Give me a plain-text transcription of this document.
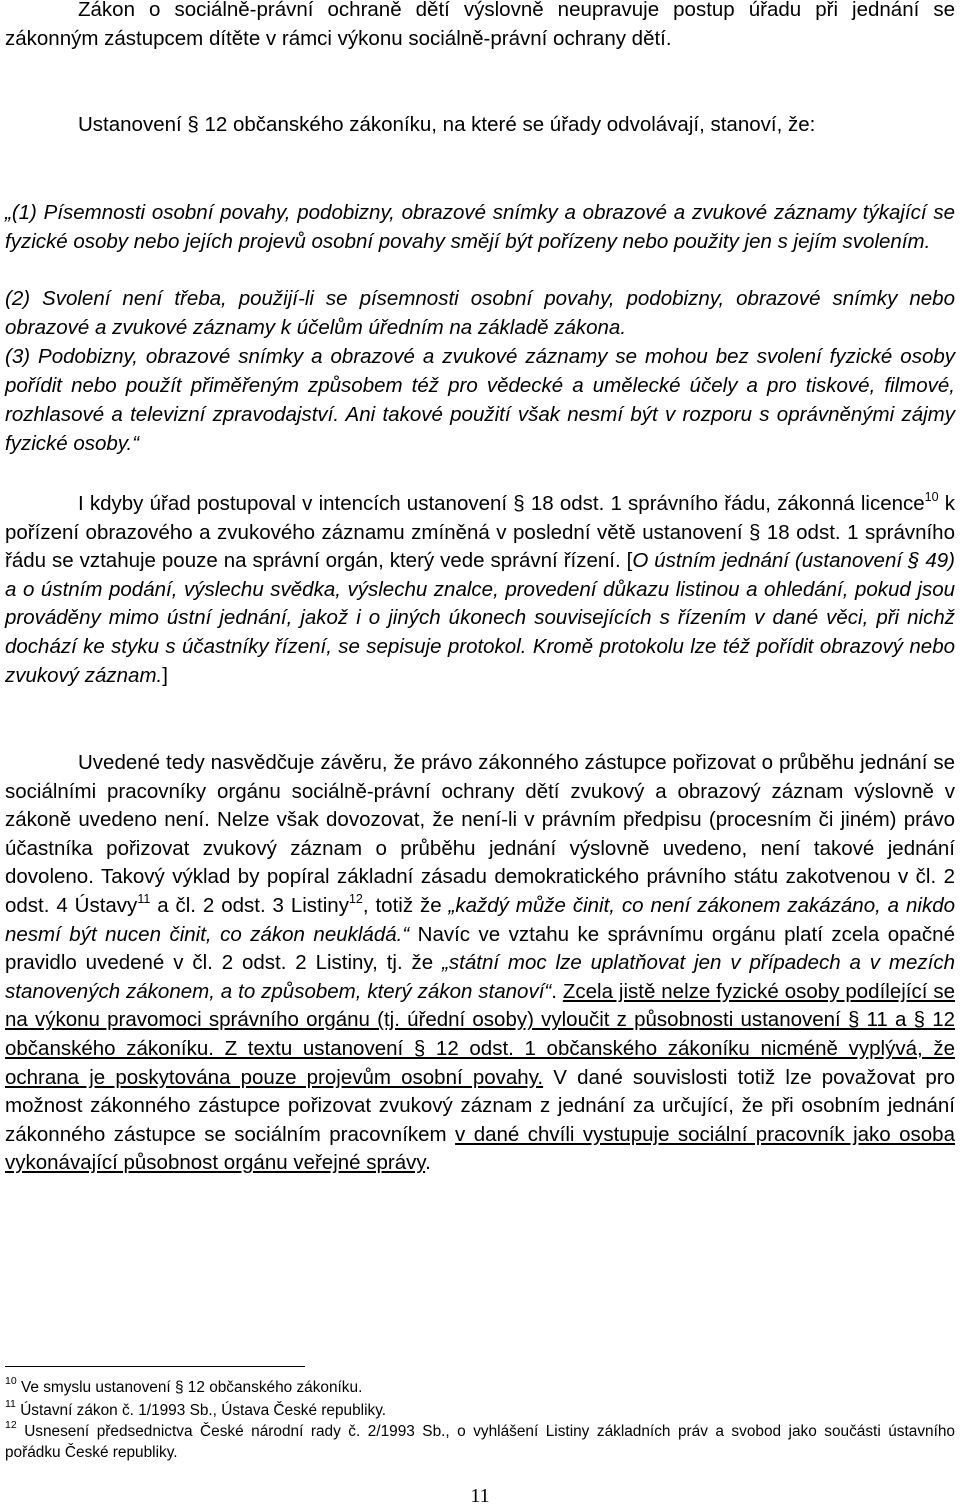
Zákon o sociálně-právní ochraně dětí výslovně neupravuje postup úřadu při jednání se zákonným zástupcem dítěte v rámci výkonu sociálně-právní ochrany dětí.

Ustanovení § 12 občanského zákoníku, na které se úřady odvolávají, stanoví, že:

„(1) Písemnosti osobní povahy, podobizny, obrazové snímky a obrazové a zvukové záznamy týkající se fyzické osoby nebo jejích projevů osobní povahy smějí být pořízeny nebo použity jen s jejím svolením.

(2) Svolení není třeba, použijí-li se písemnosti osobní povahy, podobizny, obrazové snímky nebo obrazové a zvukové záznamy k účelům úředním na základě zákona.

(3) Podobizny, obrazové snímky a obrazové a zvukové záznamy se mohou bez svolení fyzické osoby pořídit nebo použít přiměřeným způsobem též pro vědecké a umělecké účely a pro tiskové, filmové, rozhlasové a televizní zpravodajství. Ani takové použití však nesmí být v rozporu s oprávněnými zájmy fyzické osoby.“

I kdyby úřad postupoval v intencích ustanovení § 18 odst. 1 správního řádu, zákonná licence$^{10}$ k pořízení obrazového a zvukového záznamu zmíněná v poslední větě ustanovení § 18 odst. 1 správního řádu se vztahuje pouze na správní orgán, který vede správní řízení. [O ústním jednání (ustanovení § 49) a o ústním podání, výslechu svědka, výslechu znalce, provedení důkazu listinou a ohledání, pokud jsou prováděny mimo ústní jednání, jakož i o jiných úkonech souvisejících s řízením v dané věci, při nichž dochází ke styku s účastníky řízení, se sepisuje protokol. Kromě protokolu lze též pořídit obrazový nebo zvukový záznam.]

Uvedené tedy nasvědčuje závěru, že právo zákonného zástupce pořizovat o průběhu jednání se sociálními pracovníky orgánu sociálně-právní ochrany dětí zvukový a obrazový záznam výslovně v zákoně uvedeno není. Nelze však dovozovat, že není-li v právním předpisu (procesním či jiném) právo účastníka pořizovat zvukový záznam o průběhu jednání výslovně uvedeno, není takové jednání dovoleno. Takový výklad by popíral základní zásadu demokratického právního státu zakotvenou v čl. 2 odst. 4 Ústavy$^{11}$ a čl. 2 odst. 3 Listiny$^{12}$, totiž že „každý může činit, co není zákonem zakázáno, a nikdo nesmí být nucen činit, co zákon neukládá.“ Navíc ve vztahu ke správnímu orgánu platí zcela opačné pravidlo uvedené v čl. 2 odst. 2 Listiny, tj. že „státní moc lze uplatňovat jen v případech a v mezích stanovených zákonem, a to způsobem, který zákon stanoví“. Zcela jistě nelze fyzické osoby podílející se na výkonu pravomoci správního orgánu (tj. úřední osoby) vyloučit z působnosti ustanovení § 11 a § 12 občanského zákoníku. Z textu ustanovení § 12 odst. 1 občanského zákoníku nicméně vyplývá, že ochrana je poskytována pouze projevům osobní povahy. V dané souvislosti totiž lze považovat pro možnost zákonného zástupce pořizovat zvukový záznam z jednání za určující, že při osobním jednání zákonného zástupce se sociálním pracovníkem v dané chvíli vystupuje sociální pracovník jako osoba vykonávající působnost orgánu veřejné správy.

$^{10}$ Ve smyslu ustanovení § 12 občanského zákoníku.

$^{11}$ Ústavní zákon č. 1/1993 Sb., Ústava České republiky.

$^{12}$ Usnesení předsednictva České národní rady č. 2/1993 Sb., o vyhlášení Listiny základních práv a svobod jako součásti ústavního pořádku České republiky.

11
